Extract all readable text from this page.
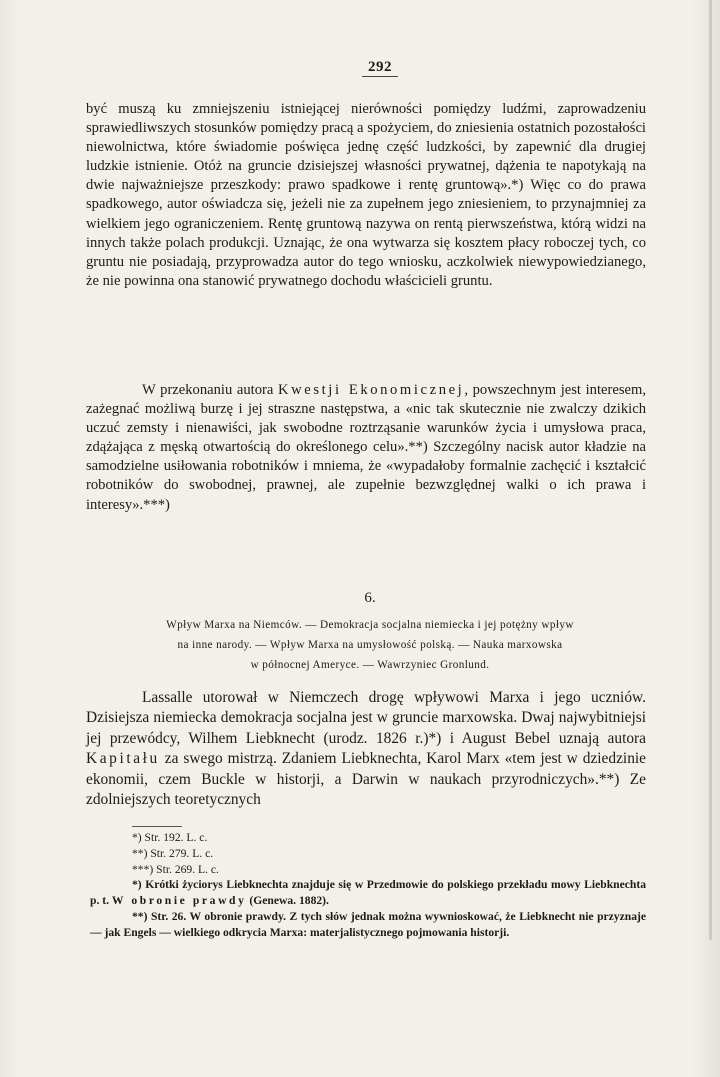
292

być muszą ku zmniejszeniu istniejącej nierówności pomiędzy ludźmi, zaprowadzeniu sprawiedliwszych stosunków pomiędzy pracą a spożyciem, do zniesienia ostatnich pozostałości niewolnictwa, które świadomie poświęca jednę część ludzkości, by zapewnić dla drugiej ludzkie istnienie. Otóż na gruncie dzisiejszej własności prywatnej, dążenia te napotykają na dwie najważniejsze przeszkody: prawo spadkowe i rentę gruntową».*) Więc co do prawa spadkowego, autor oświadcza się, jeżeli nie za zupełnem jego zniesieniem, to przynajmniej za wielkiem jego ograniczeniem. Rentę gruntową nazywa on rentą pierwszeństwa, którą widzi na innych także polach produkcji. Uznając, że ona wytwarza się kosztem płacy roboczej tych, co gruntu nie posiadają, przyprowadza autor do tego wniosku, aczkolwiek niewypowiedzianego, że nie powinna ona stanowić prywatnego dochodu właścicieli gruntu.

W przekonaniu autora Kwestji Ekonomicznej, powszechnym jest interesem, zażegnać możliwą burzę i jej straszne następstwa, a «nic tak skutecznie nie zwalczy dzikich uczuć zemsty i nienawiści, jak swobodne roztrząsanie warunków życia i umysłowa praca, zdążająca z męską otwartością do określonego celu».**) Szczególny nacisk autor kładzie na samodzielne usiłowania robotników i mniema, że «wypadałoby formalnie zachęcić i kształcić robotników do swobodnej, prawnej, ale zupełnie bezwzględnej walki o ich prawa i interesy».***)

6.
Wpływ Marxa na Niemców. — Demokracja socjalna niemiecka i jej potężny wpływ
na inne narody. — Wpływ Marxa na umysłowość polską. — Nauka marxowska
w północnej Ameryce. — Wawrzyniec Gronlund.

Lassalle utorował w Niemczech drogę wpływowi Marxa i jego uczniów. Dzisiejsza niemiecka demokracja socjalna jest w gruncie marxowska. Dwaj najwybitniejsi jej przewódcy, Wilhem Liebknecht (urodz. 1826 r.)*) i August Bebel uznają autora Kapitału za swego mistrzą. Zdaniem Liebknechta, Karol Marx «tem jest w dziedzinie ekonomii, czem Buckle w historji, a Darwin w naukach przyrodniczych».**) Ze zdolniejszych teoretycznych

*) Str. 192. L. c.
**) Str. 279. L. c.
***) Str. 269. L. c.
*) Krótki życiorys Liebknechta znajduje się w Przedmowie do polskiego przekładu mowy Liebknechta p. t. W obronie prawdy (Genewa. 1882).
**) Str. 26. W obronie prawdy. Z tych słów jednak można wywnioskować, że Liebknecht nie przyznaje — jak Engels — wielkiego odkrycia Marxa: materjalistycznego pojmowania historji.
